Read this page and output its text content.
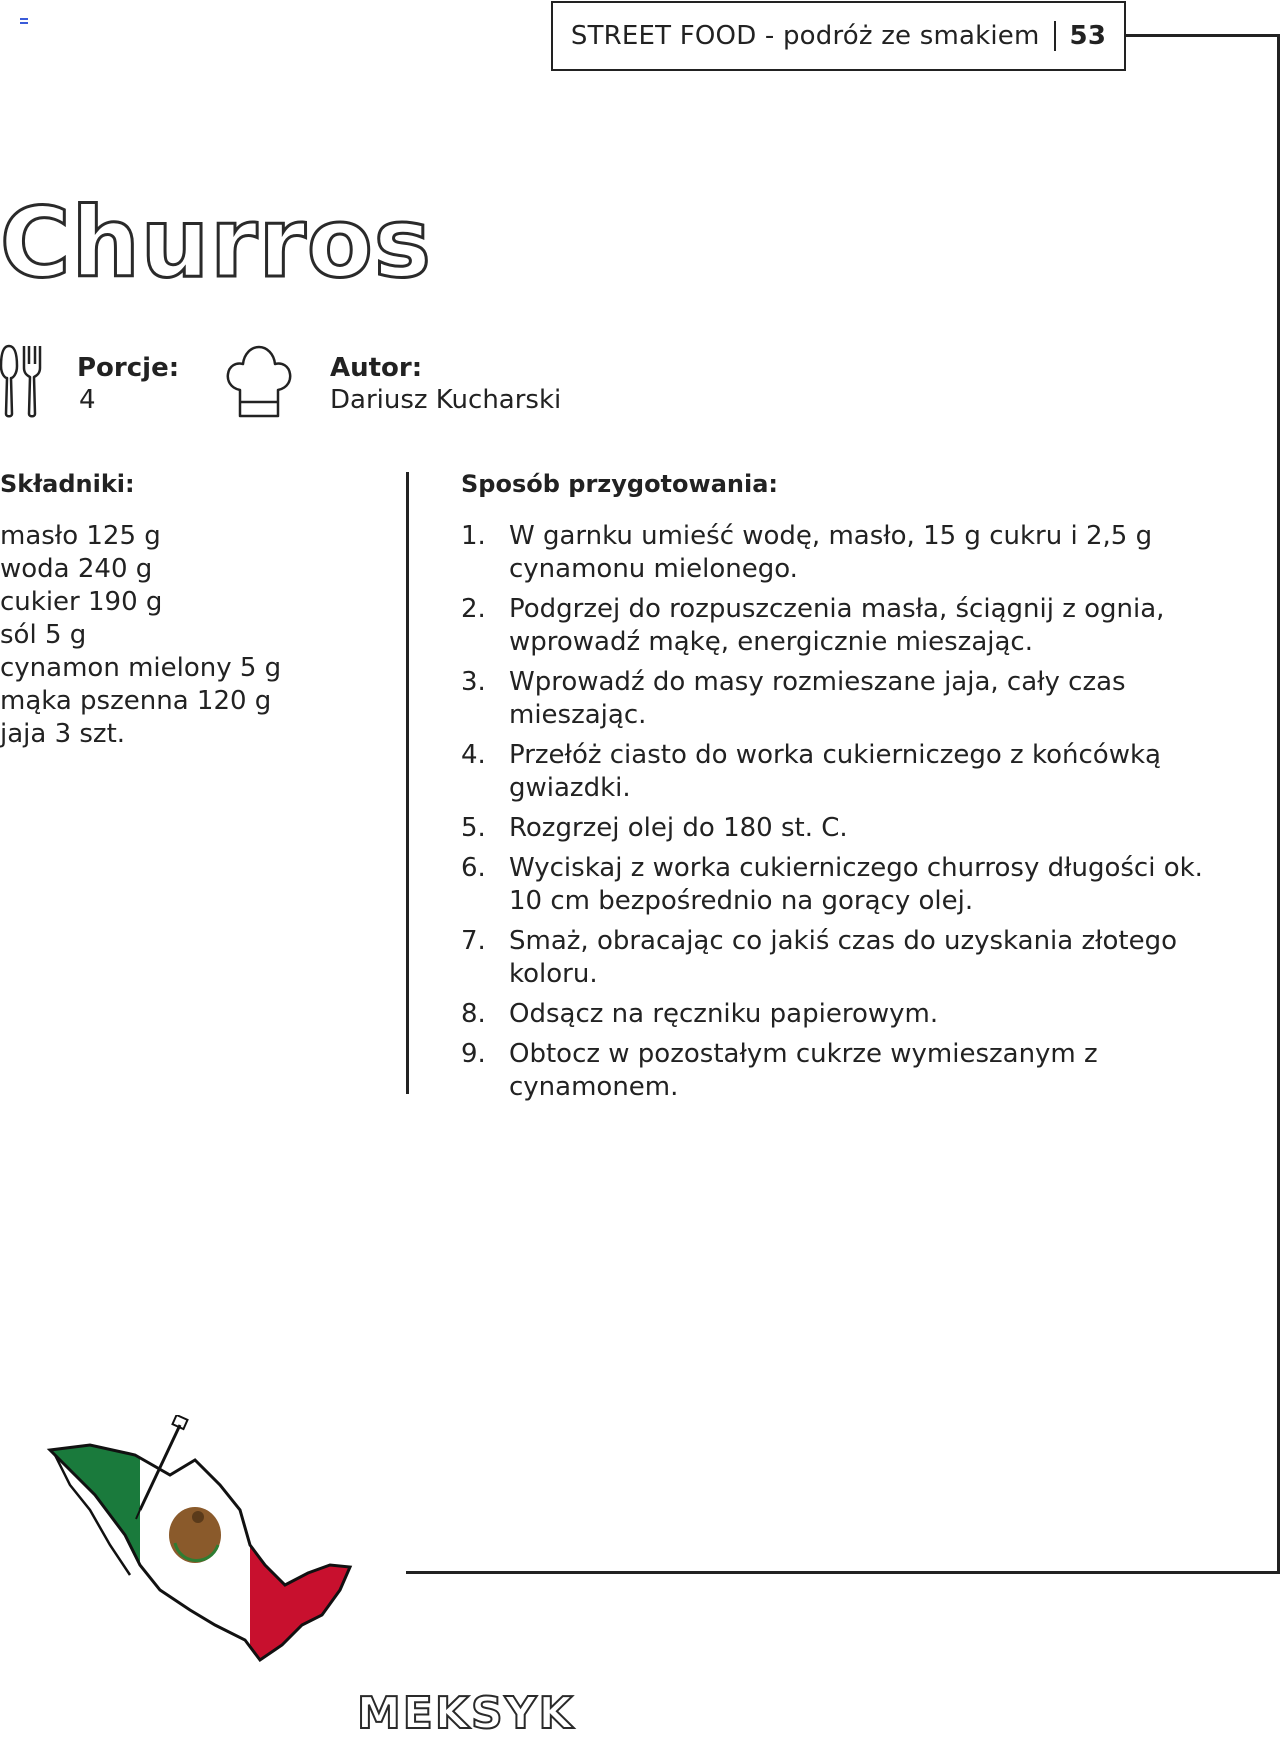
STREET FOOD
- podróż ze smakiem 53
Churros
Porcje:
4
Autor:
Dariusz Kucharski
Składniki:
masło 125 g
woda 240 g
cukier 190 g
sól 5 g
cynamon mielony 5 g
mąka pszenna 120 g
jaja 3 szt.
Sposób przygotowania:
1. W garnku umieść wodę, masło, 15 g cukru i 2,5 g cynamonu mielonego.
2. Podgrzej do rozpuszczenia masła, ściągnij z ognia, wprowadź mąkę, energicznie mieszając.
3. Wprowadź do masy rozmieszane jaja, cały czas mieszając.
4. Przełóż ciasto do worka cukierniczego z końcówką gwiazdki.
5. Rozgrzej olej do 180 st. C.
6. Wyciskaj z worka cukierniczego churrosy długości ok. 10 cm bezpośrednio na gorący olej.
7. Smaż, obracając co jakiś czas do uzyskania złotego koloru.
8. Odsącz na ręczniku papierowym.
9. Obtocz w pozostałym cukrze wymieszanym z cynamonem.
MEKSYK
